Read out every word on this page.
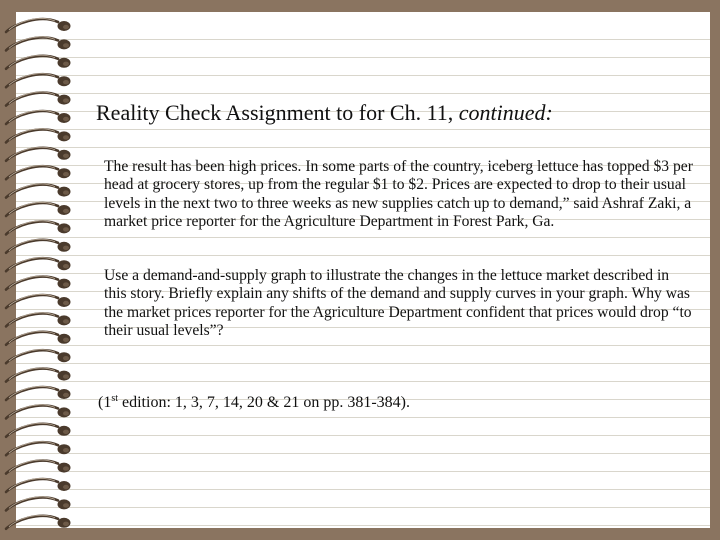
Reality Check Assignment to for Ch. 11, continued:

The result has been high prices. In some parts of the country, iceberg lettuce has topped $3 per head at grocery stores, up from the regular $1 to $2. Prices are expected to drop to their usual levels in the next two to three weeks as new supplies catch up to demand,” said Ashraf Zaki, a market price reporter for the Agriculture Department in Forest Park, Ga.

Use a demand-and-supply graph to illustrate the changes in the lettuce market described in this story. Briefly explain any shifts of the demand and supply curves in your graph. Why was the market prices reporter for the Agriculture Department confident that prices would drop “to their usual levels”?

(1st edition: 1, 3, 7, 14, 20 & 21 on pp. 381-384).
